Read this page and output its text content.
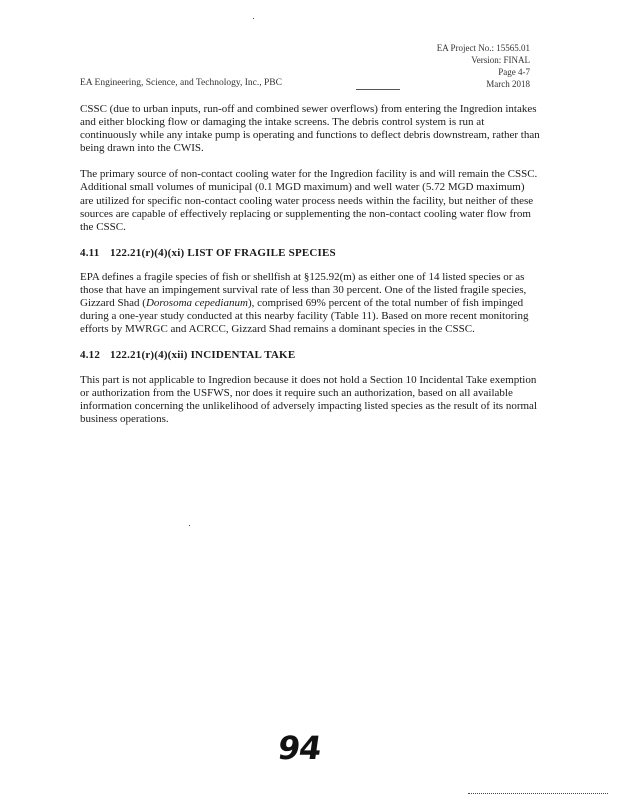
EA Project No.: 15565.01
Version: FINAL
Page 4-7
March 2018
EA Engineering, Science, and Technology, Inc., PBC

CSSC (due to urban inputs, run-off and combined sewer overflows) from entering the Ingredion intakes and either blocking flow or damaging the intake screens. The debris control system is run at continuously while any intake pump is operating and functions to deflect debris downstream, rather than being drawn into the CWIS.

The primary source of non-contact cooling water for the Ingredion facility is and will remain the CSSC. Additional small volumes of municipal (0.1 MGD maximum) and well water (5.72 MGD maximum) are utilized for specific non-contact cooling water process needs within the facility, but neither of these sources are capable of effectively replacing or supplementing the non-contact cooling water flow from the CSSC.

4.11 122.21(r)(4)(xi) LIST OF FRAGILE SPECIES

EPA defines a fragile species of fish or shellfish at §125.92(m) as either one of 14 listed species or as those that have an impingement survival rate of less than 30 percent. One of the listed fragile species, Gizzard Shad (Dorosoma cepedianum), comprised 69% percent of the total number of fish impinged during a one-year study conducted at this nearby facility (Table 11). Based on more recent monitoring efforts by MWRGC and ACRCC, Gizzard Shad remains a dominant species in the CSSC.

4.12 122.21(r)(4)(xii) INCIDENTAL TAKE

This part is not applicable to Ingredion because it does not hold a Section 10 Incidental Take exemption or authorization from the USFWS, nor does it require such an authorization, based on all available information concerning the unlikelihood of adversely impacting listed species as the result of its normal business operations.

94
